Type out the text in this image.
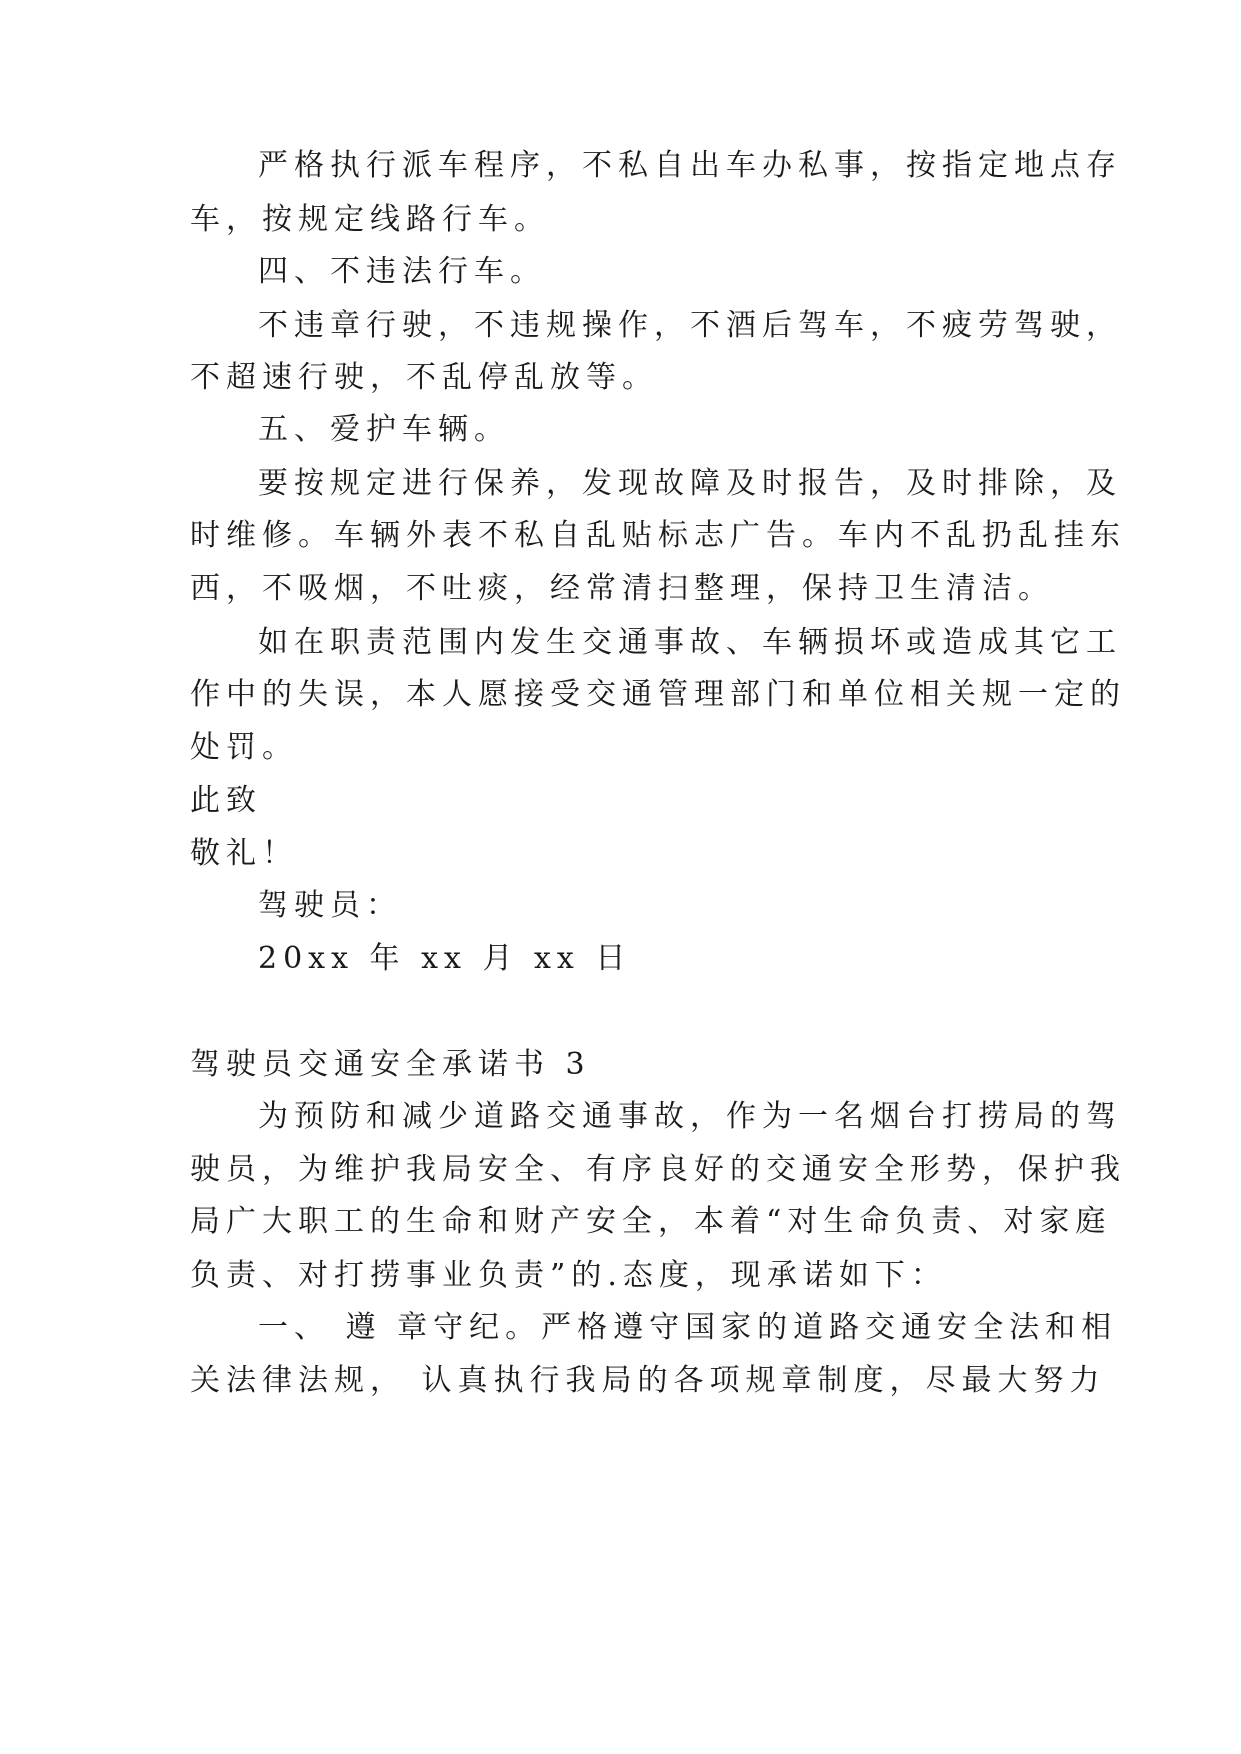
严格执行派车程序，不私自出车办私事，按指定地点存
车，按规定线路行车。
四、不违法行车。
不违章行驶，不违规操作，不酒后驾车，不疲劳驾驶，
不超速行驶，不乱停乱放等。
五、爱护车辆。
要按规定进行保养，发现故障及时报告，及时排除，及
时维修。车辆外表不私自乱贴标志广告。车内不乱扔乱挂东
西，不吸烟，不吐痰，经常清扫整理，保持卫生清洁。
如在职责范围内发生交通事故、车辆损坏或造成其它工
作中的失误，本人愿接受交通管理部门和单位相关规一定的
处罚。
此致
敬礼！
驾驶员：
20xx 年 xx 月 xx 日
驾驶员交通安全承诺书 3
为预防和减少道路交通事故，作为一名烟台打捞局的驾
驶员，为维护我局安全、有序良好的交通安全形势，保护我
局广大职工的生命和财产安全，本着“对生命负责、对家庭
负责、对打捞事业负责”的.态度，现承诺如下：
一、 遵 章守纪。严格遵守国家的道路交通安全法和相
关法律法规， 认真执行我局的各项规章制度，尽最大努力
